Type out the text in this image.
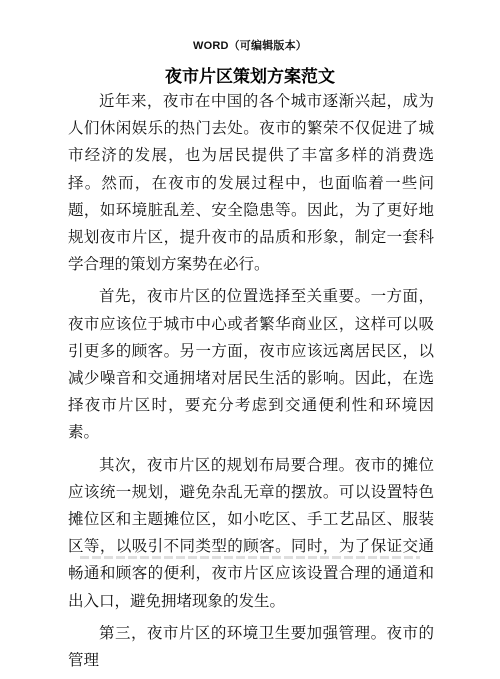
WORD（可编辑版本）
夜市片区策划方案范文

近年来，夜市在中国的各个城市逐渐兴起，成为人们休闲娱乐的热门去处。夜市的繁荣不仅促进了城市经济的发展，也为居民提供了丰富多样的消费选择。然而，在夜市的发展过程中，也面临着一些问题，如环境脏乱差、安全隐患等。因此，为了更好地规划夜市片区，提升夜市的品质和形象，制定一套科学合理的策划方案势在必行。

首先，夜市片区的位置选择至关重要。一方面，夜市应该位于城市中心或者繁华商业区，这样可以吸引更多的顾客。另一方面，夜市应该远离居民区，以减少噪音和交通拥堵对居民生活的影响。因此，在选择夜市片区时，要充分考虑到交通便利性和环境因素。

其次，夜市片区的规划布局要合理。夜市的摊位应该统一规划，避免杂乱无章的摆放。可以设置特色摊位区和主题摊位区，如小吃区、手工艺品区、服装区等，以吸引不同类型的顾客。同时，为了保证交通畅通和顾客的便利，夜市片区应该设置合理的通道和出入口，避免拥堵现象的发生。

第三，夜市片区的环境卫生要加强管理。夜市的管理
